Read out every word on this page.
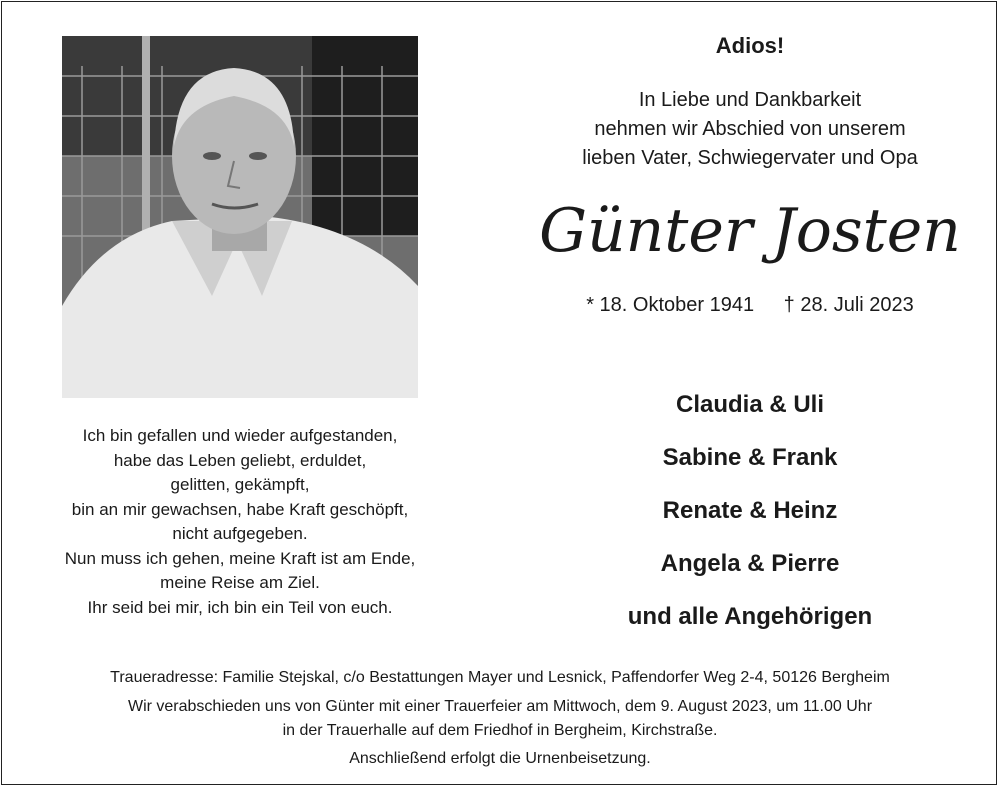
Adios!
In Liebe und Dankbarkeit
nehmen wir Abschied von unserem
lieben Vater, Schwiegervater und Opa
Günter Josten
* 18. Oktober 1941 † 28. Juli 2023
Ich bin gefallen und wieder aufgestanden,
habe das Leben geliebt, erduldet,
gelitten, gekämpft,
bin an mir gewachsen, habe Kraft geschöpft,
nicht aufgegeben.
Nun muss ich gehen, meine Kraft ist am Ende,
meine Reise am Ziel.
Ihr seid bei mir, ich bin ein Teil von euch.
Claudia & Uli
Sabine & Frank
Renate & Heinz
Angela & Pierre
und alle Angehörigen
Traueradresse: Familie Stejskal, c/o Bestattungen Mayer und Lesnick, Paffendorfer Weg 2-4, 50126 Bergheim
Wir verabschieden uns von Günter mit einer Trauerfeier am Mittwoch, dem 9. August 2023, um 11.00 Uhr
in der Trauerhalle auf dem Friedhof in Bergheim, Kirchstraße.
Anschließend erfolgt die Urnenbeisetzung.
